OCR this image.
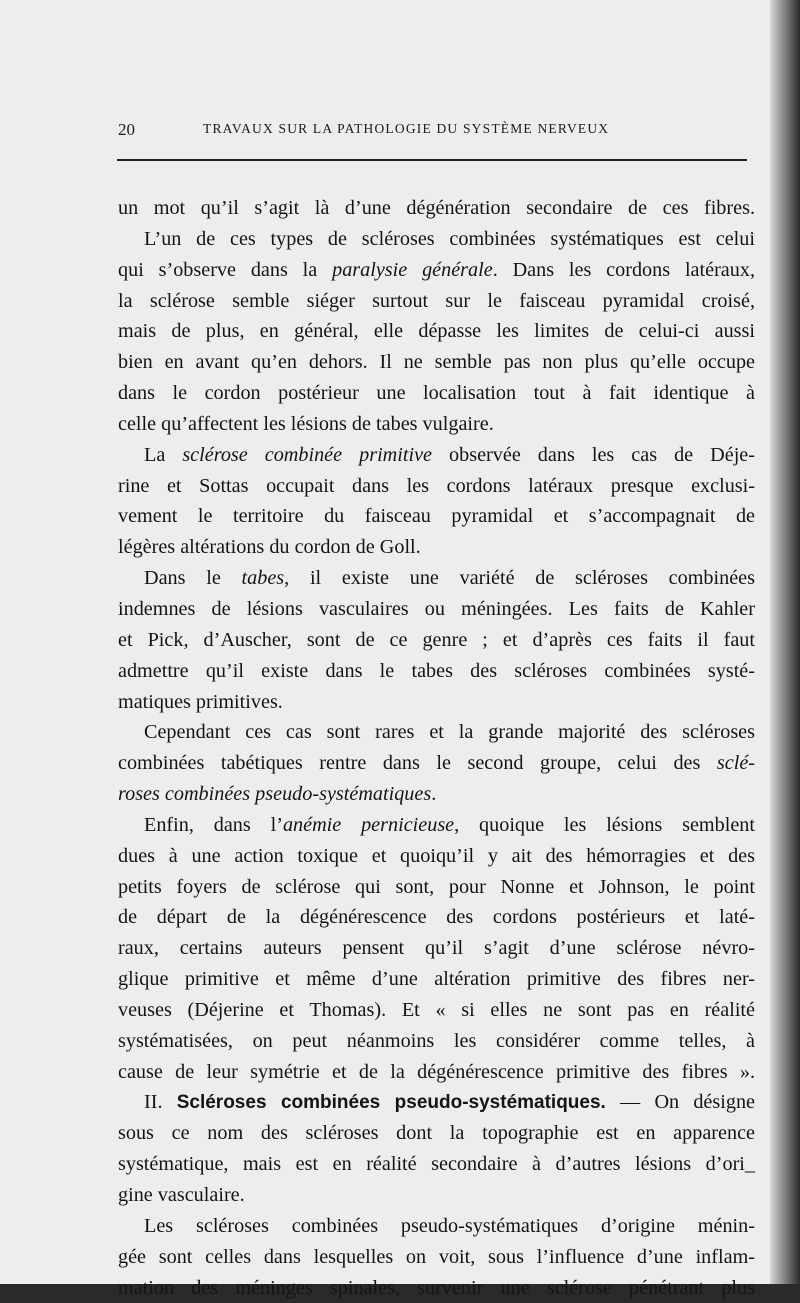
20	TRAVAUX SUR LA PATHOLOGIE DU SYSTÈME NERVEUX
un mot qu’il s’agit là d’une dégénération secondaire de ces fibres.
L’un de ces types de scléroses combinées systématiques est celui
qui s’observe dans la paralysie générale. Dans les cordons latéraux,
la sclérose semble siéger surtout sur le faisceau pyramidal croisé,
mais de plus, en général, elle dépasse les limites de celui-ci aussi
bien en avant qu’en dehors. Il ne semble pas non plus qu’elle occupe
dans le cordon postérieur une localisation tout à fait identique à
celle qu’affectent les lésions de tabes vulgaire.
La sclérose combinée primitive observée dans les cas de Déje-
rine et Sottas occupait dans les cordons latéraux presque exclusi-
vement le territoire du faisceau pyramidal et s’accompagnait de
légères altérations du cordon de Goll.
Dans le tabes, il existe une variété de scléroses combinées
indemnes de lésions vasculaires ou méningées. Les faits de Kahler
et Pick, d’Auscher, sont de ce genre ; et d’après ces faits il faut
admettre qu’il existe dans le tabes des scléroses combinées systé-
matiques primitives.
Cependant ces cas sont rares et la grande majorité des scléroses
combinées tabétiques rentre dans le second groupe, celui des sclé-
roses combinées pseudo-systématiques.
Enfin, dans l’anémie pernicieuse, quoique les lésions semblent
dues à une action toxique et quoiqu’il y ait des hémorragies et des
petits foyers de sclérose qui sont, pour Nonne et Johnson, le point
de départ de la dégénérescence des cordons postérieurs et laté-
raux, certains auteurs pensent qu’il s’agit d’une sclérose névro-
glique primitive et même d’une altération primitive des fibres ner-
veuses (Déjerine et Thomas). Et « si elles ne sont pas en réalité
systématisées, on peut néanmoins les considérer comme telles, à
cause de leur symétrie et de la dégénérescence primitive des fibres ».
II. Scléroses combinées pseudo-systématiques. — On désigne
sous ce nom des scléroses dont la topographie est en apparence
systématique, mais est en réalité secondaire à d’autres lésions d’ori_
gine vasculaire.
Les scléroses combinées pseudo-systématiques d’origine ménin-
gée sont celles dans lesquelles on voit, sous l’influence d’une inflam-
mation des méninges spinales, survenir une sclérose pénétrant plus
